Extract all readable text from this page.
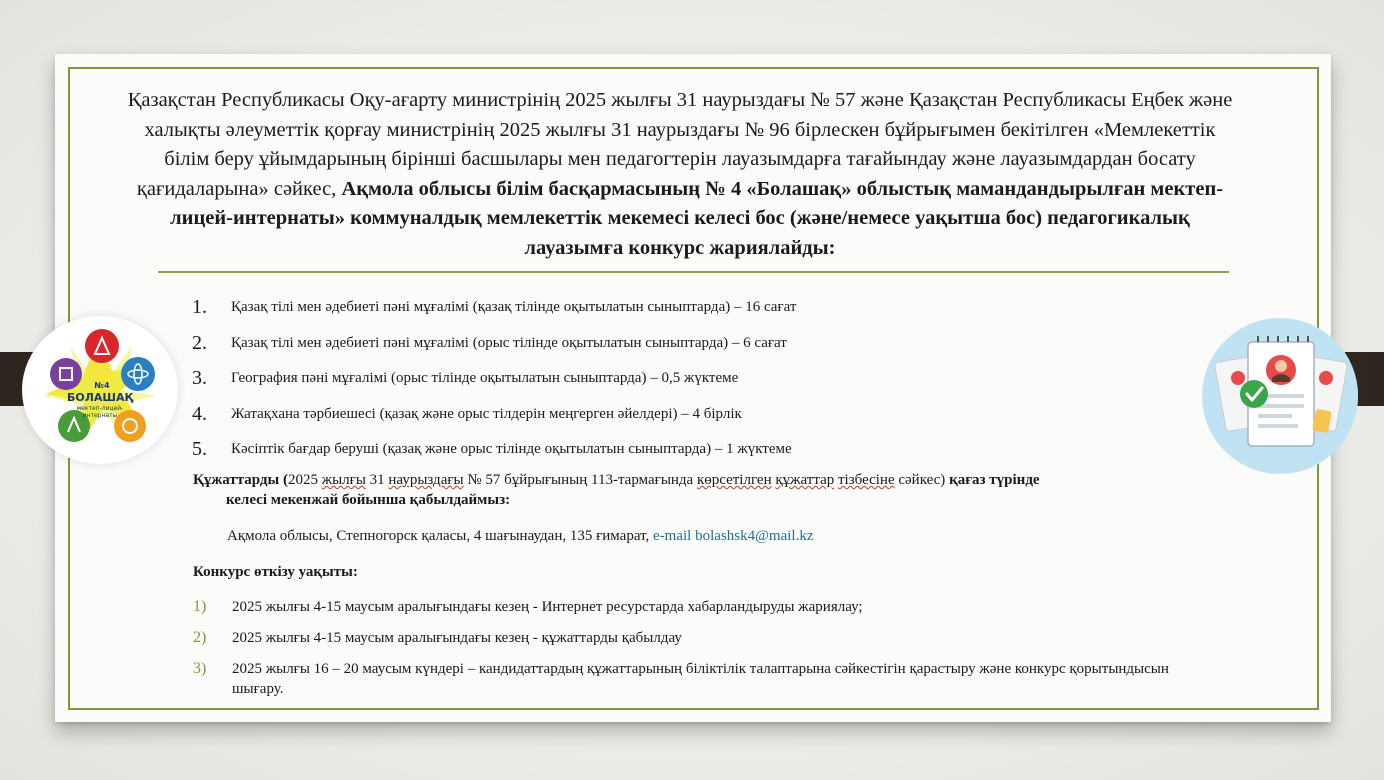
Қазақстан Республикасы Оқу-ағарту министрінің 2025 жылғы 31 наурыздағы № 57 және Қазақстан Республикасы Еңбек және халықты әлеуметтік қорғау министрінің 2025 жылғы 31 наурыздағы № 96 бірлескен бұйрығымен бекітілген «Мемлекеттік білім беру ұйымдарының бірінші басшылары мен педагогтерін лауазымдарға тағайындау және лауазымдардан босату қағидаларына» сәйкес, Ақмола облысы білім басқармасының № 4 «Болашақ» облыстық мамандандырылған мектеп-лицей-интернаты» коммуналдық мемлекеттік мекемесі келесі бос (және/немесе уақытша бос) педагогикалық лауазымға конкурс жариялайды:
1.	Қазақ тілі мен әдебиеті пәні мұғалімі (қазақ тілінде оқытылатын сыныптарда) – 16 сағат
2.	Қазақ тілі мен әдебиеті пәні мұғалімі (орыс тілінде оқытылатын сыныптарда) – 6 сағат
3.	География пәні мұғалімі (орыс тілінде оқытылатын сыныптарда) – 0,5 жүктеме
4.	Жатақхана тәрбиешесі (қазақ және орыс тілдерін меңгерген әйелдері) – 4 бірлік
5.	Кәсіптік бағдар беруші (қазақ және орыс тілінде оқытылатын сыныптарда) – 1 жүктеме
Құжаттарды (2025 жылғы 31 наурыздағы № 57 бұйрығының 113-тармағында көрсетілген құжаттар тізбесіне сәйкес) қағаз түрінде
келесі мекенжай бойынша қабылдаймыз:
Ақмола облысы, Степногорск қаласы, 4 шағынаудан, 135 ғимарат, e-mail bolashsk4@mail.kz
Конкурс өткізу уақыты:
1)	2025 жылғы 4-15 маусым аралығындағы кезең - Интернет ресурстарда хабарландыруды жариялау;
2)	2025 жылғы 4-15 маусым аралығындағы кезең - құжаттарды қабылдау
3)	2025 жылғы 16 – 20 маусым күндері – кандидаттардың құжаттарының біліктілік талаптарына сәйкестігін қарастыру және конкурс қорытындысын шығару.
№4
БОЛАШАҚ
мектеп-лицей-
интернаты
